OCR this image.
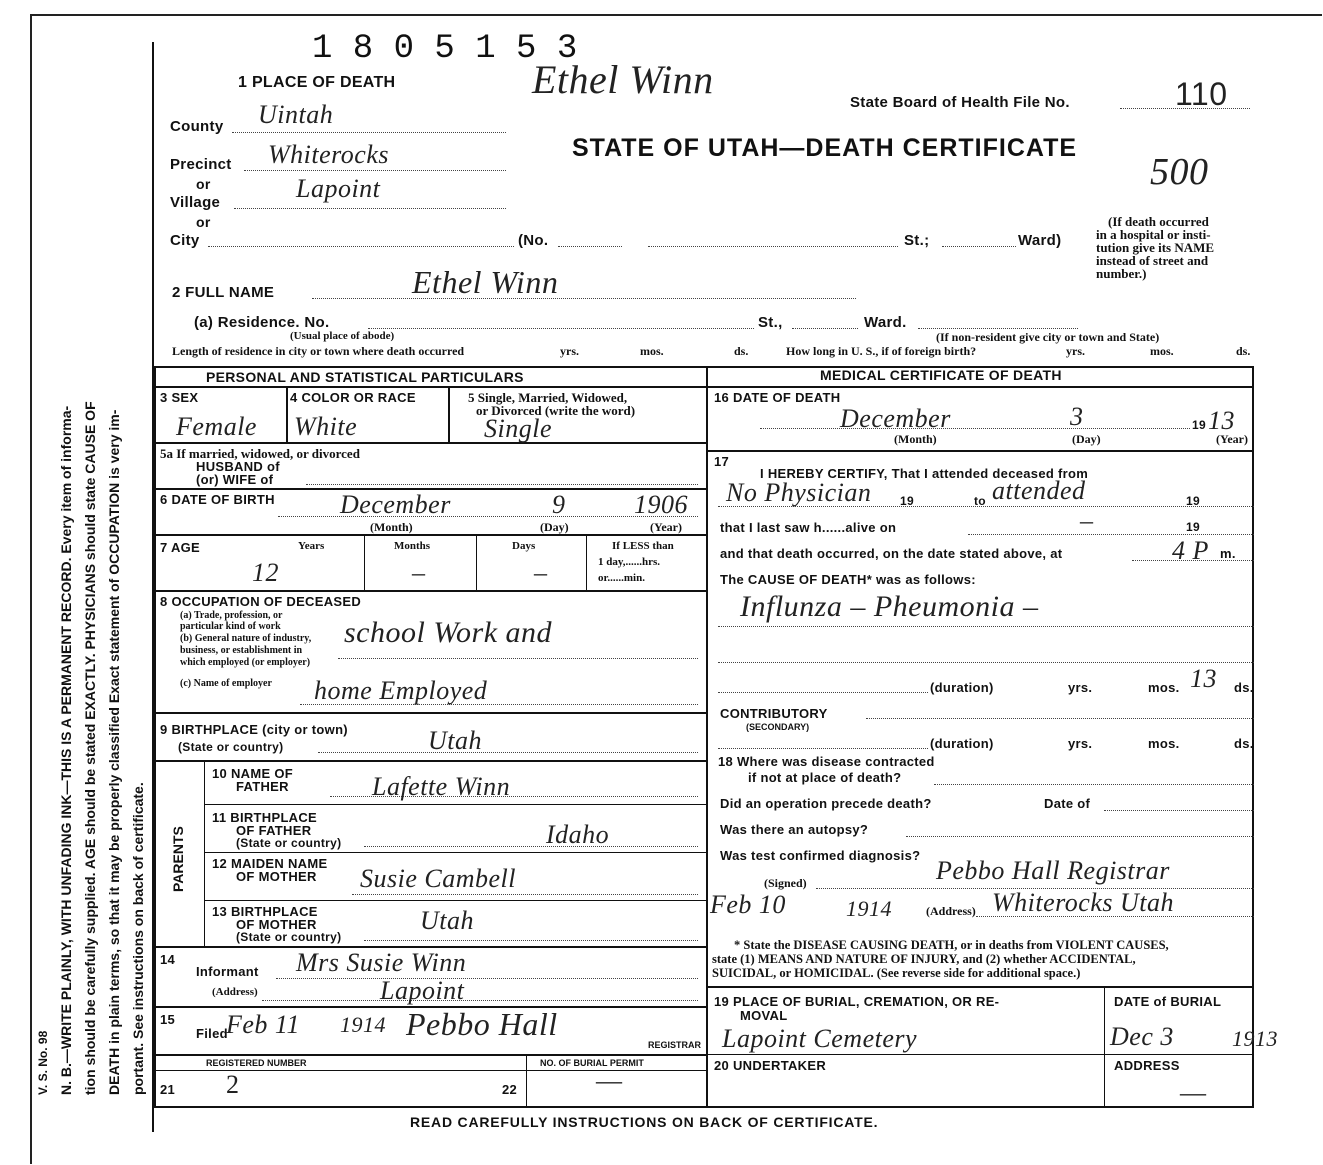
N. B.—WRITE PLAINLY, WITH UNFADING INK—THIS IS A PERMANENT RECORD. Every item of informa- tion should be carefully supplied. AGE should be stated EXACTLY. PHYSICIANS should state CAUSE OF DEATH in plain terms, so that it may be properly classified Exact statement of OCCUPATION is very im- portant. See instructions on back of certificate.
V. S. No. 98
1 8 0 5 1 5 3
Ethel Winn
1 PLACE OF DEATH
State Board of Health File No.	110
STATE OF UTAH—DEATH CERTIFICATE
500
County Uintah
Precinct Whiterocks
or
Village	Lapoint
or
City	(No.	St.;	Ward)
(If death occurred
in a hospital or insti-
tution give its NAME
instead of street and
number.)
2 FULL NAME	Ethel Winn
(a) Residence. No.
(Usual place of abode)
St.,	Ward.
(If non-resident give city or town and State)
Length of residence in city or town where death occurred	yrs.	mos.	ds.	How long in U. S., if of foreign birth?	yrs.	mos.	ds.
PERSONAL AND STATISTICAL PARTICULARS	MEDICAL CERTIFICATE OF DEATH
3 SEX
Female
4 COLOR OR RACE
White
5 Single, Married, Widowed,
or Divorced (write the word)
Single
5a If married, widowed, or divorced
HUSBAND of
(or) WIFE of
6 DATE OF BIRTH	December	9	1906
(Month)	(Day)	(Year)
7 AGE	Years	Months	Days	If LESS than
1 day,......hrs.
or......min.
12	–	–
8 OCCUPATION OF DECEASED
(a) Trade, profession, or
particular kind of work
(b) General nature of industry,
business, or establishment in
which employed (or employer)
school Work and
(c) Name of employer home Employed
9 BIRTHPLACE (city or town)
(State or country)	Utah
PARENTS
10 NAME OF
FATHER	Lafette Winn
11 BIRTHPLACE
OF FATHER
(State or country)	Idaho
12 MAIDEN NAME
OF MOTHER Susie Cambell
13 BIRTHPLACE
OF MOTHER
(State or country)
Utah
14
Informant Mrs Susie Winn
(Address)	Lapoint
15
Filed
Feb 11 1914 Pebbo Hall
REGISTRAR
REGISTERED NUMBER	NO. OF BURIAL PERMIT
21 2	22	—
16 DATE OF DEATH
December	3	19 13
(Month)	(Day)	(Year)
17
I HEREBY CERTIFY, That I attended deceased from
No Physician 19	to attended	19
that I last saw h......alive on	–	19
and that death occurred, on the date stated above, at	4 P m.
The CAUSE OF DEATH* was as follows:
Influnza – Pheumonia –
(duration)	yrs.	mos. 13 ds.
CONTRIBUTORY
(SECONDARY)
(duration)	yrs.	mos.	ds.
18 Where was disease contracted
if not at place of death?
Did an operation precede death?	Date of
Was there an autopsy?
Was test confirmed diagnosis?
(Signed)	Pebbo Hall Registrar
Feb 10	1914	(Address) Whiterocks Utah
* State the DISEASE CAUSING DEATH, or in deaths from VIOLENT CAUSES,
state (1) MEANS AND NATURE OF INJURY, and (2) whether ACCIDENTAL,
SUICIDAL, or HOMICIDAL. (See reverse side for additional space.)
19 PLACE OF BURIAL, CREMATION, OR RE-
MOVAL
Lapoint Cemetery
DATE of BURIAL
Dec 3	1913
20 UNDERTAKER	ADDRESS
—
READ CAREFULLY INSTRUCTIONS ON BACK OF CERTIFICATE.
